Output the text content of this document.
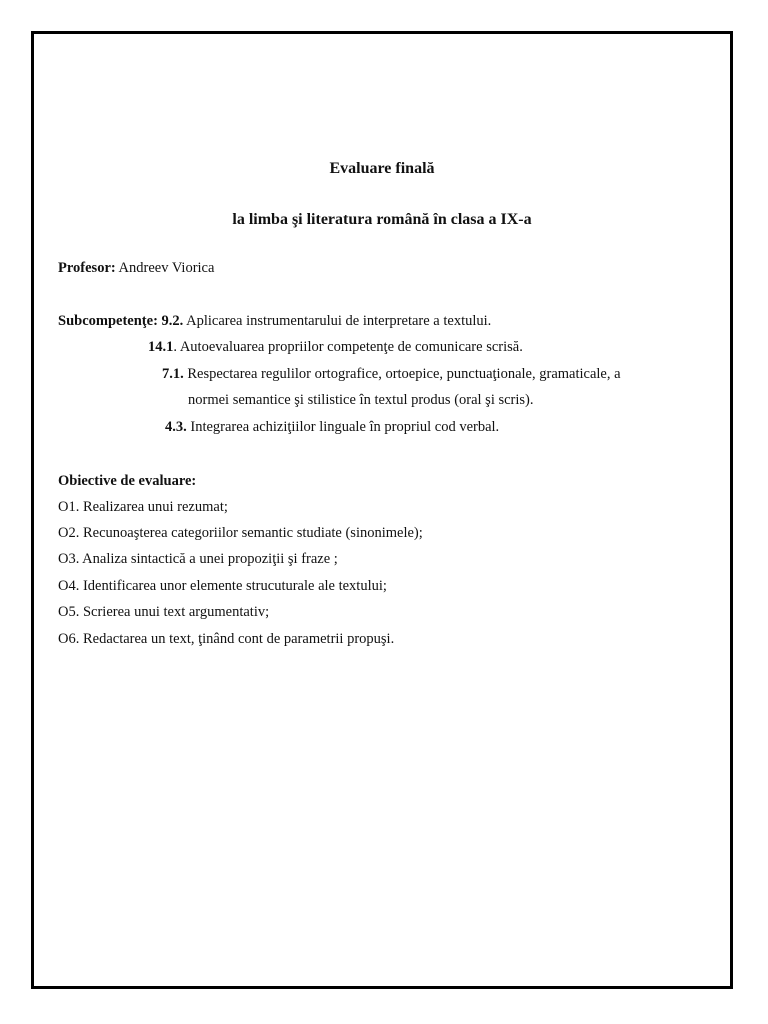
Evaluare finală
la limba şi literatura română în clasa a IX-a
Profesor: Andreev Viorica
Subcompetenţe: 9.2. Aplicarea instrumentarului de interpretare a textului.
14.1. Autoevaluarea propriilor competenţe de comunicare scrisă.
7.1. Respectarea regulilor ortografice, ortoepice, punctuaţionale, gramaticale, a
normei semantice şi stilistice în textul produs (oral şi scris).
4.3. Integrarea achiziţiilor linguale în propriul cod verbal.
Obiective de evaluare:
O1. Realizarea unui rezumat;
O2. Recunoaşterea categoriilor semantic studiate (sinonimele);
O3. Analiza sintactică a unei propoziţii şi fraze ;
O4. Identificarea unor elemente strucuturale ale textului;
O5. Scrierea unui text argumentativ;
O6. Redactarea un text, ţinând cont de parametrii propuşi.
